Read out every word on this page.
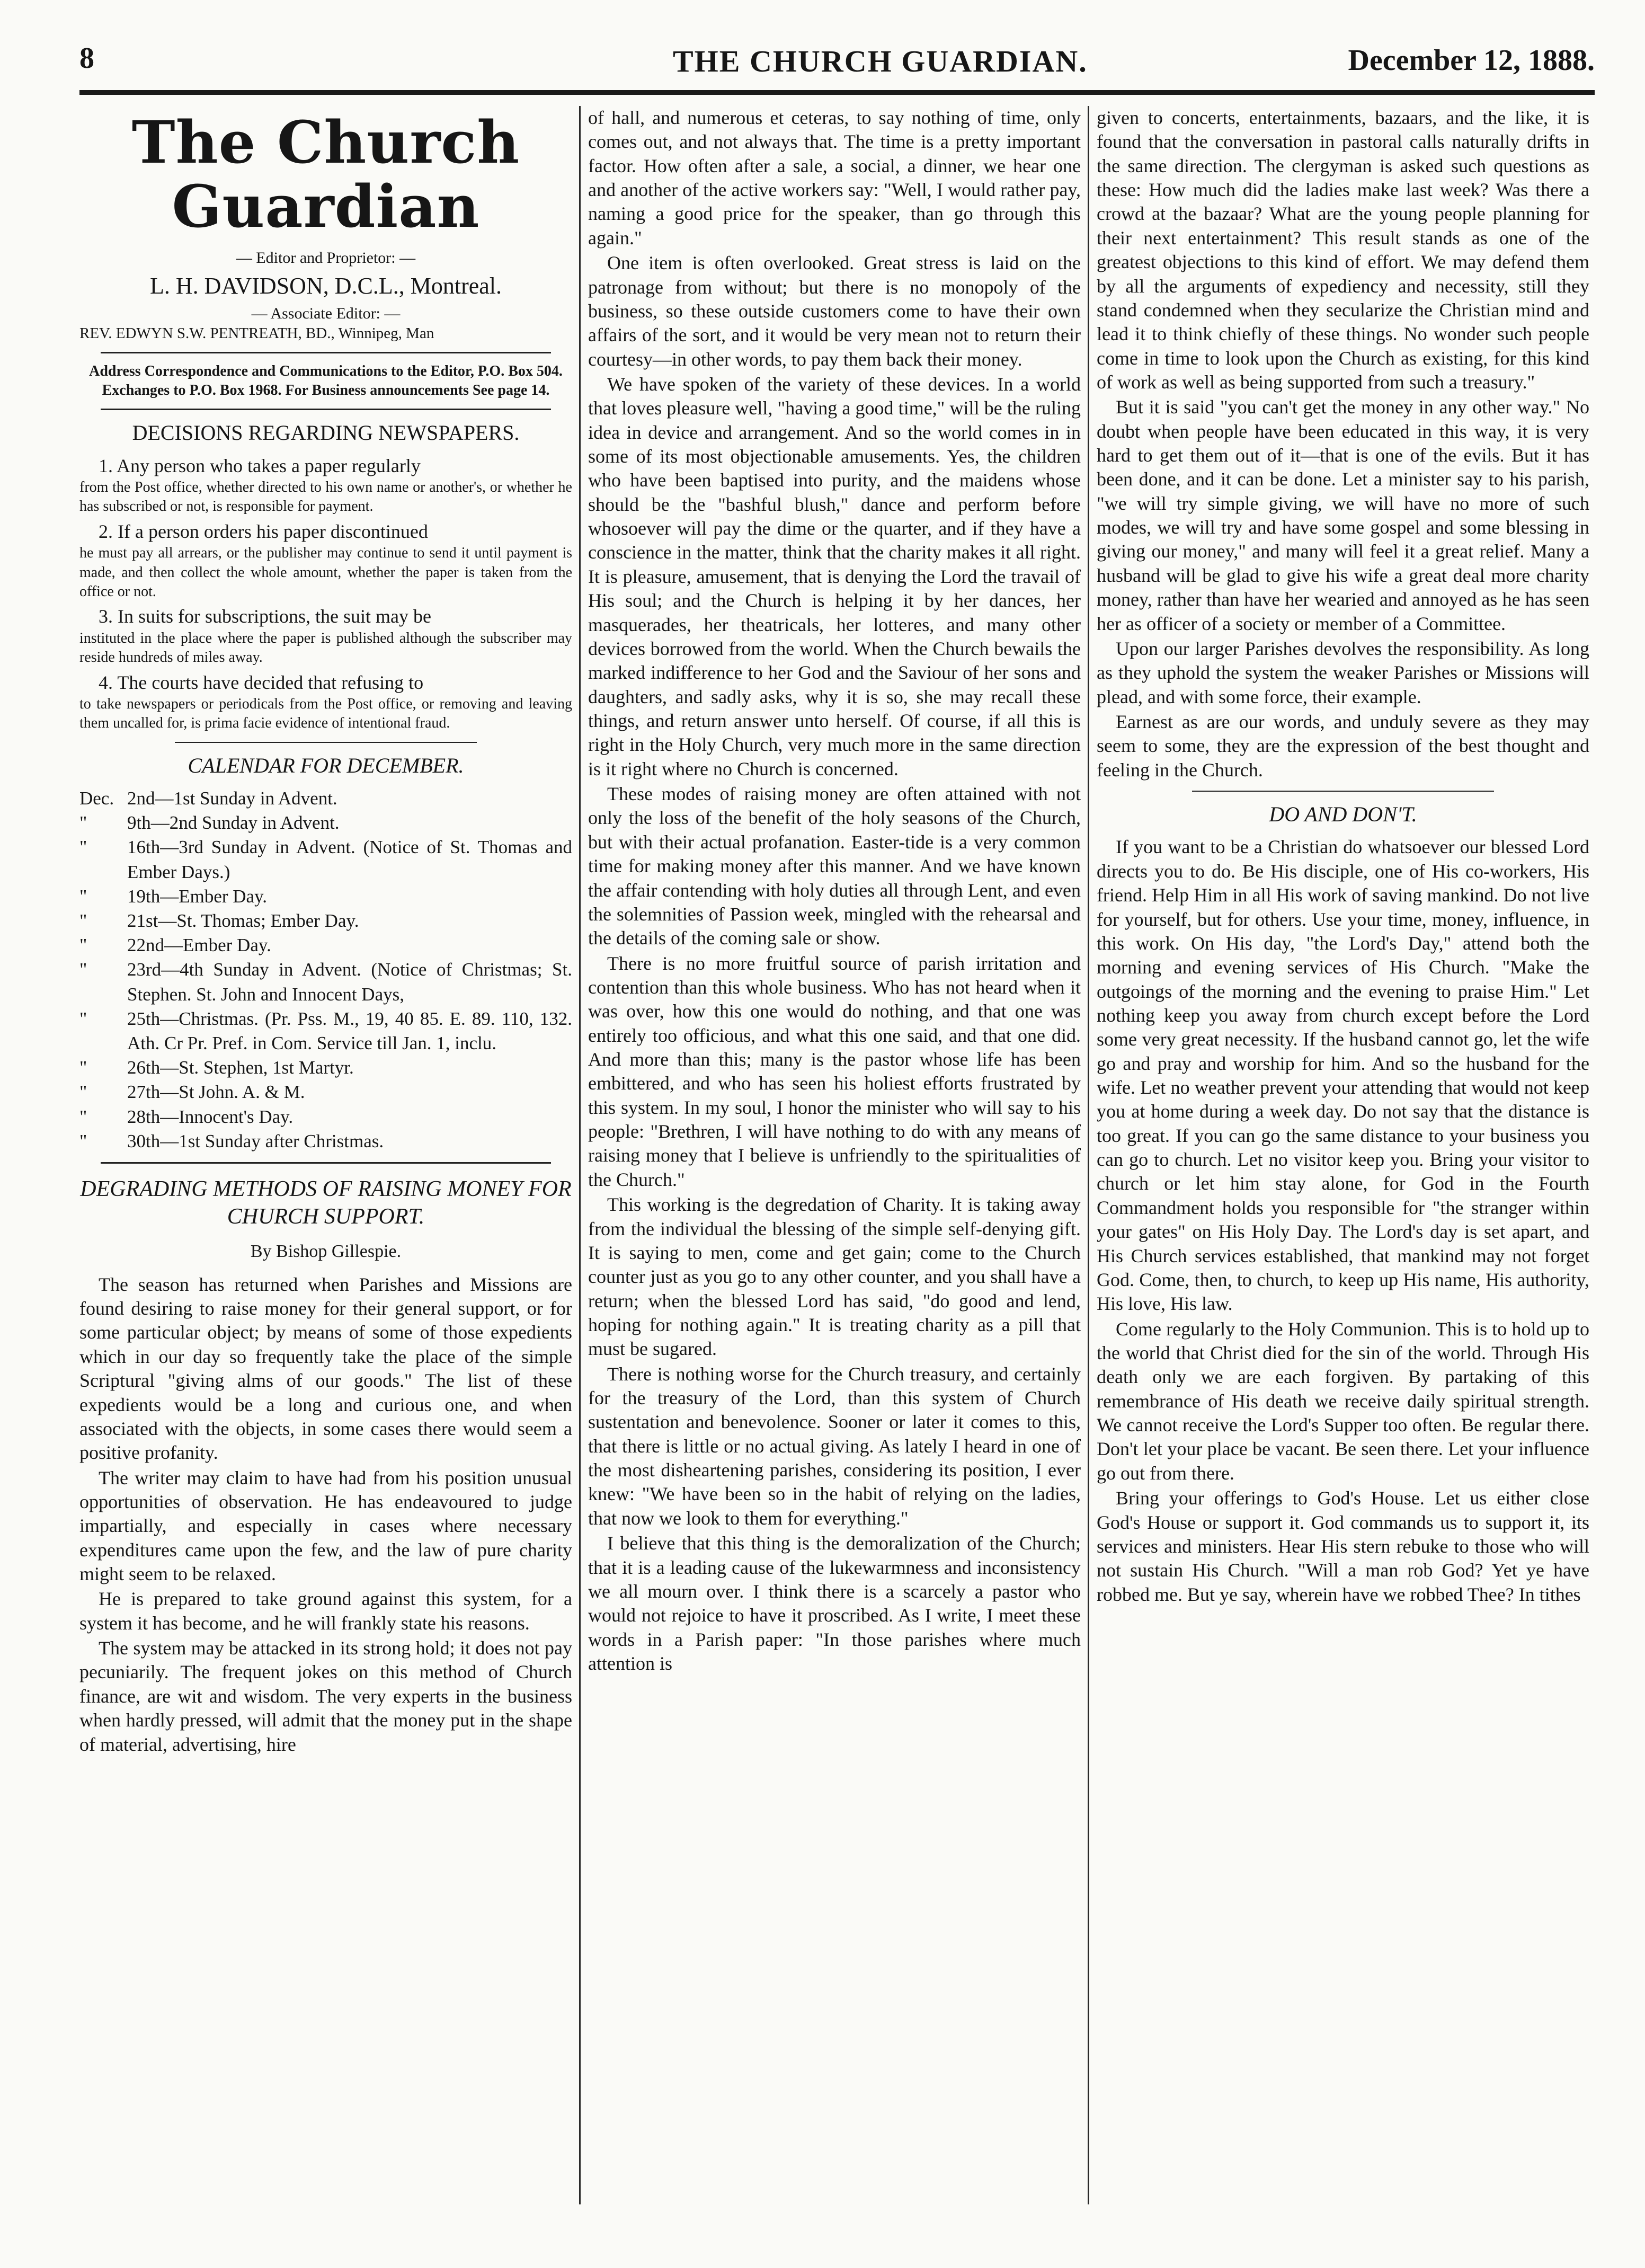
8	THE CHURCH GUARDIAN.	December 12, 1888.
The Church Guardian
— Editor and Proprietor: —
L. H. DAVIDSON, D.C.L., Montreal.
— Associate Editor: —
REV. EDWYN S.W. PENTREATH, BD., Winnipeg, Man
Address Correspondence and Communications to the Editor, P.O. Box 504. Exchanges to P.O. Box 1968. For Business announcements See page 14.
DECISIONS REGARDING NEWSPAPERS.
1. Any person who takes a paper regularly
from the Post office, whether directed to his own name or another's, or whether he has subscribed or not, is responsible for payment.
2. If a person orders his paper discontinued
he must pay all arrears, or the publisher may continue to send it until payment is made, and then collect the whole amount, whether the paper is taken from the office or not.
3. In suits for subscriptions, the suit may be
instituted in the place where the paper is published although the subscriber may reside hundreds of miles away.
4. The courts have decided that refusing to
to take newspapers or periodicals from the Post office, or removing and leaving them uncalled for, is prima facie evidence of intentional fraud.
CALENDAR FOR DECEMBER.
Dec. 2nd—1st Sunday in Advent.
"	9th—2nd Sunday in Advent.
"	16th—3rd Sunday in Advent. (Notice of St. Thomas and Ember Days.)
"	19th—Ember Day.
"	21st—St. Thomas; Ember Day.
"	22nd—Ember Day.
"	23rd—4th Sunday in Advent. (Notice of Christmas; St. Stephen. St. John and Innocent Days,
"	25th—Christmas. (Pr. Pss. M., 19, 40 85. E. 89. 110, 132. Ath. Cr Pr. Pref. in Com. Service till Jan. 1, inclu.
"	26th—St. Stephen, 1st Martyr.
"	27th—St John. A. & M.
"	28th—Innocent's Day.
"	30th—1st Sunday after Christmas.
DEGRADING METHODS OF RAISING MONEY FOR CHURCH SUPPORT.
By Bishop Gillespie.

The season has returned when Parishes and Missions are found desiring to raise money for their general support, or for some particular object; by means of some of those expedients which in our day so frequently take the place of the simple Scriptural "giving alms of our goods." The list of these expedients would be a long and curious one, and when associated with the objects, in some cases there would seem a positive profanity.

The writer may claim to have had from his position unusual opportunities of observation. He has endeavoured to judge impartially, and especially in cases where necessary expenditures came upon the few, and the law of pure charity might seem to be relaxed.

He is prepared to take ground against this system, for a system it has become, and he will frankly state his reasons.

The system may be attacked in its strong hold; it does not pay pecuniarily. The frequent jokes on this method of Church finance, are wit and wisdom. The very experts in the business when hardly pressed, will admit that the money put in the shape of material, advertising, hire

of hall, and numerous et ceteras, to say nothing of time, only comes out, and not always that. The time is a pretty important factor. How often after a sale, a social, a dinner, we hear one and another of the active workers say: "Well, I would rather pay, naming a good price for the speaker, than go through this again."

One item is often overlooked. Great stress is laid on the patronage from without; but there is no monopoly of the business, so these outside customers come to have their own affairs of the sort, and it would be very mean not to return their courtesy—in other words, to pay them back their money.

We have spoken of the variety of these devices. In a world that loves pleasure well, "having a good time," will be the ruling idea in device and arrangement. And so the world comes in in some of its most objectionable amusements. Yes, the children who have been baptised into purity, and the maidens whose should be the "bashful blush," dance and perform before whosoever will pay the dime or the quarter, and if they have a conscience in the matter, think that the charity makes it all right. It is pleasure, amusement, that is denying the Lord the travail of His soul; and the Church is helping it by her dances, her masquerades, her theatricals, her lotteres, and many other devices borrowed from the world. When the Church bewails the marked indifference to her God and the Saviour of her sons and daughters, and sadly asks, why it is so, she may recall these things, and return answer unto herself. Of course, if all this is right in the Holy Church, very much more in the same direction is it right where no Church is concerned.

These modes of raising money are often attained with not only the loss of the benefit of the holy seasons of the Church, but with their actual profanation. Easter-tide is a very common time for making money after this manner. And we have known the affair contending with holy duties all through Lent, and even the solemnities of Passion week, mingled with the rehearsal and the details of the coming sale or show.

There is no more fruitful source of parish irritation and contention than this whole business. Who has not heard when it was over, how this one would do nothing, and that one was entirely too officious, and what this one said, and that one did. And more than this; many is the pastor whose life has been embittered, and who has seen his holiest efforts frustrated by this system. In my soul, I honor the minister who will say to his people: "Brethren, I will have nothing to do with any means of raising money that I believe is unfriendly to the spiritualities of the Church."

This working is the degredation of Charity. It is taking away from the individual the blessing of the simple self-denying gift. It is saying to men, come and get gain; come to the Church counter just as you go to any other counter, and you shall have a return; when the blessed Lord has said, "do good and lend, hoping for nothing again." It is treating charity as a pill that must be sugared.

There is nothing worse for the Church treasury, and certainly for the treasury of the Lord, than this system of Church sustentation and benevolence. Sooner or later it comes to this, that there is little or no actual giving. As lately I heard in one of the most disheartening parishes, considering its position, I ever knew: "We have been so in the habit of relying on the ladies, that now we look to them for everything."

I believe that this thing is the demoralization of the Church; that it is a leading cause of the lukewarmness and inconsistency we all mourn over. I think there is a scarcely a pastor who would not rejoice to have it proscribed. As I write, I meet these words in a Parish paper: "In those parishes where much attention is

given to concerts, entertainments, bazaars, and the like, it is found that the conversation in pastoral calls naturally drifts in the same direction. The clergyman is asked such questions as these: How much did the ladies make last week? Was there a crowd at the bazaar? What are the young people planning for their next entertainment? This result stands as one of the greatest objections to this kind of effort. We may defend them by all the arguments of expediency and necessity, still they stand condemned when they secularize the Christian mind and lead it to think chiefly of these things. No wonder such people come in time to look upon the Church as existing, for this kind of work as well as being supported from such a treasury."

But it is said "you can't get the money in any other way." No doubt when people have been educated in this way, it is very hard to get them out of it—that is one of the evils. But it has been done, and it can be done. Let a minister say to his parish, "we will try simple giving, we will have no more of such modes, we will try and have some gospel and some blessing in giving our money," and many will feel it a great relief. Many a husband will be glad to give his wife a great deal more charity money, rather than have her wearied and annoyed as he has seen her as officer of a society or member of a Committee.

Upon our larger Parishes devolves the responsibility. As long as they uphold the system the weaker Parishes or Missions will plead, and with some force, their example.

Earnest as are our words, and unduly severe as they may seem to some, they are the expression of the best thought and feeling in the Church.

DO AND DON'T.

If you want to be a Christian do whatsoever our blessed Lord directs you to do. Be His disciple, one of His co-workers, His friend. Help Him in all His work of saving mankind. Do not live for yourself, but for others. Use your time, money, influence, in this work. On His day, "the Lord's Day," attend both the morning and evening services of His Church. "Make the outgoings of the morning and the evening to praise Him." Let nothing keep you away from church except before the Lord some very great necessity. If the husband cannot go, let the wife go and pray and worship for him. And so the husband for the wife. Let no weather prevent your attending that would not keep you at home during a week day. Do not say that the distance is too great. If you can go the same distance to your business you can go to church. Let no visitor keep you. Bring your visitor to church or let him stay alone, for God in the Fourth Commandment holds you responsible for "the stranger within your gates" on His Holy Day. The Lord's day is set apart, and His Church services established, that mankind may not forget God. Come, then, to church, to keep up His name, His authority, His love, His law.

Come regularly to the Holy Communion. This is to hold up to the world that Christ died for the sin of the world. Through His death only we are each forgiven. By partaking of this remembrance of His death we receive daily spiritual strength. We cannot receive the Lord's Supper too often. Be regular there. Don't let your place be vacant. Be seen there. Let your influence go out from there.

Bring your offerings to God's House. Let us either close God's House or support it. God commands us to support it, its services and ministers. Hear His stern rebuke to those who will not sustain His Church. "Will a man rob God? Yet ye have robbed me. But ye say, wherein have we robbed Thee? In tithes
